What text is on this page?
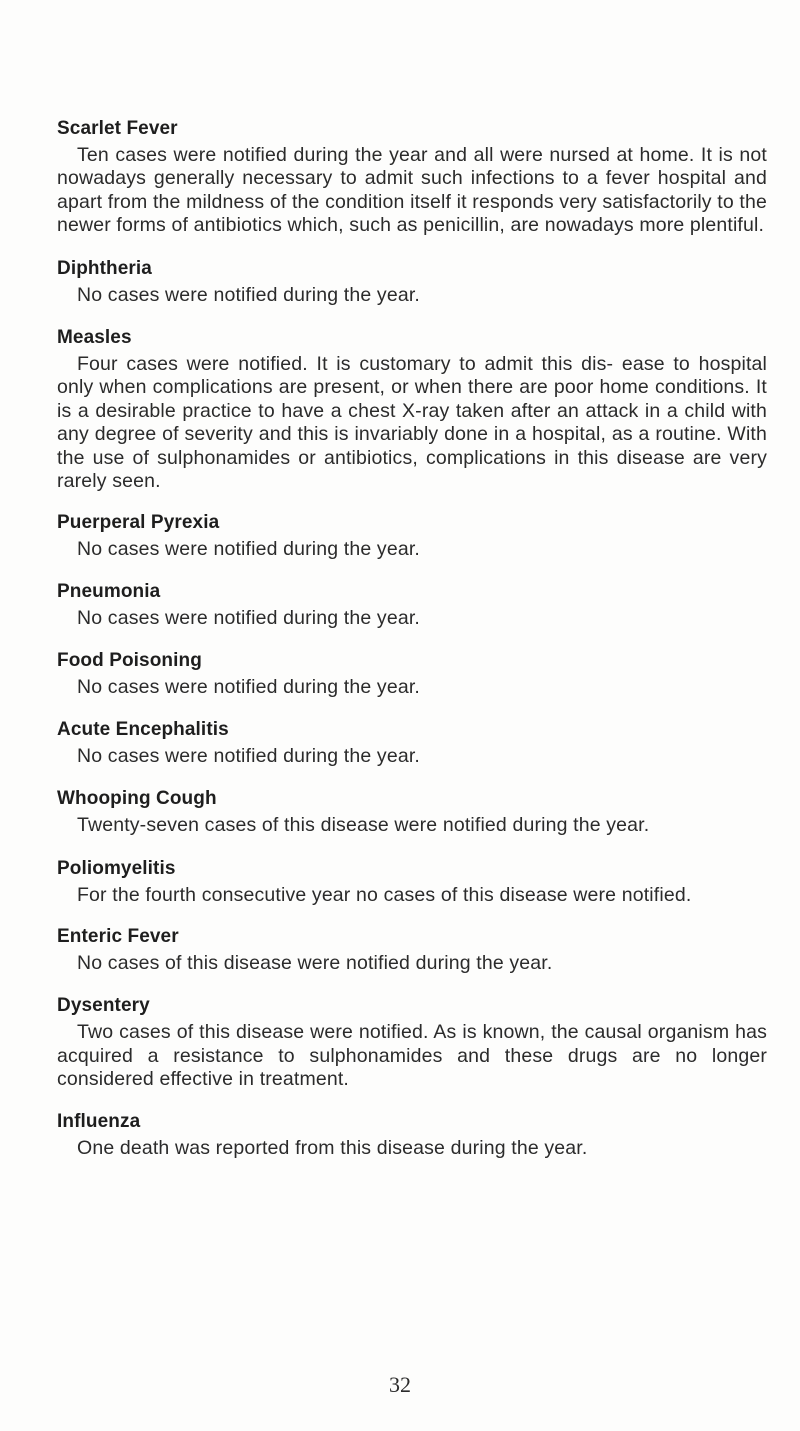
Scarlet Fever

Ten cases were notified during the year and all were nursed at home. It is not nowadays generally necessary to admit such infections to a fever hospital and apart from the mildness of the condition itself it responds very satisfactorily to the newer forms of antibiotics which, such as penicillin, are nowadays more plentiful.

Diphtheria

No cases were notified during the year.

Measles

Four cases were notified. It is customary to admit this dis- ease to hospital only when complications are present, or when there are poor home conditions. It is a desirable practice to have a chest X-ray taken after an attack in a child with any degree of severity and this is invariably done in a hospital, as a routine. With the use of sulphonamides or antibiotics, complications in this disease are very rarely seen.

Puerperal Pyrexia

No cases were notified during the year.

Pneumonia

No cases were notified during the year.

Food Poisoning

No cases were notified during the year.

Acute Encephalitis

No cases were notified during the year.

Whooping Cough

Twenty-seven cases of this disease were notified during the year.

Poliomyelitis

For the fourth consecutive year no cases of this disease were notified.

Enteric Fever

No cases of this disease were notified during the year.

Dysentery

Two cases of this disease were notified. As is known, the causal organism has acquired a resistance to sulphonamides and these drugs are no longer considered effective in treatment.

Influenza

One death was reported from this disease during the year.

32
